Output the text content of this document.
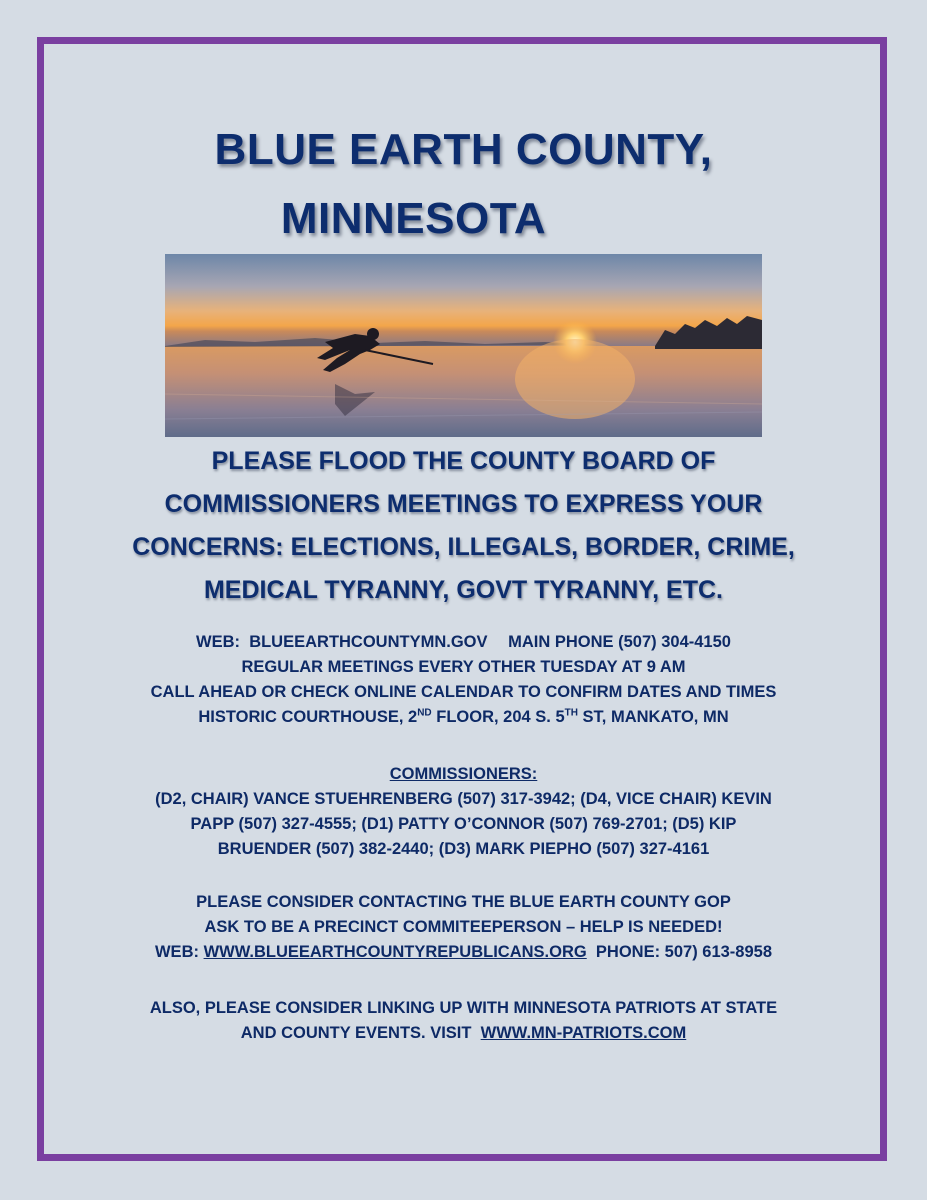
BLUE EARTH COUNTY,
MINNESOTA
PLEASE FLOOD THE COUNTY BOARD OF
COMMISSIONERS MEETINGS TO EXPRESS YOUR
CONCERNS: ELECTIONS, ILLEGALS, BORDER, CRIME,
MEDICAL TYRANNY, GOVT TYRANNY, ETC.
WEB: BLUEEARTHCOUNTYMN.GOV MAIN PHONE (507) 304-4150
REGULAR MEETINGS EVERY OTHER TUESDAY AT 9 AM
CALL AHEAD OR CHECK ONLINE CALENDAR TO CONFIRM DATES AND TIMES
HISTORIC COURTHOUSE, 2ND FLOOR, 204 S. 5TH ST, MANKATO, MN
COMMISSIONERS:
(D2, CHAIR) VANCE STUEHRENBERG (507) 317-3942; (D4, VICE CHAIR) KEVIN
PAPP (507) 327-4555; (D1) PATTY O’CONNOR (507) 769-2701; (D5) KIP
BRUENDER (507) 382-2440; (D3) MARK PIEPHO (507) 327-4161
PLEASE CONSIDER CONTACTING THE BLUE EARTH COUNTY GOP
ASK TO BE A PRECINCT COMMITEEPERSON – HELP IS NEEDED!
WEB: WWW.BLUEEARTHCOUNTYREPUBLICANS.ORG PHONE: 507) 613-8958
ALSO, PLEASE CONSIDER LINKING UP WITH MINNESOTA PATRIOTS AT STATE
AND COUNTY EVENTS. VISIT WWW.MN-PATRIOTS.COM
